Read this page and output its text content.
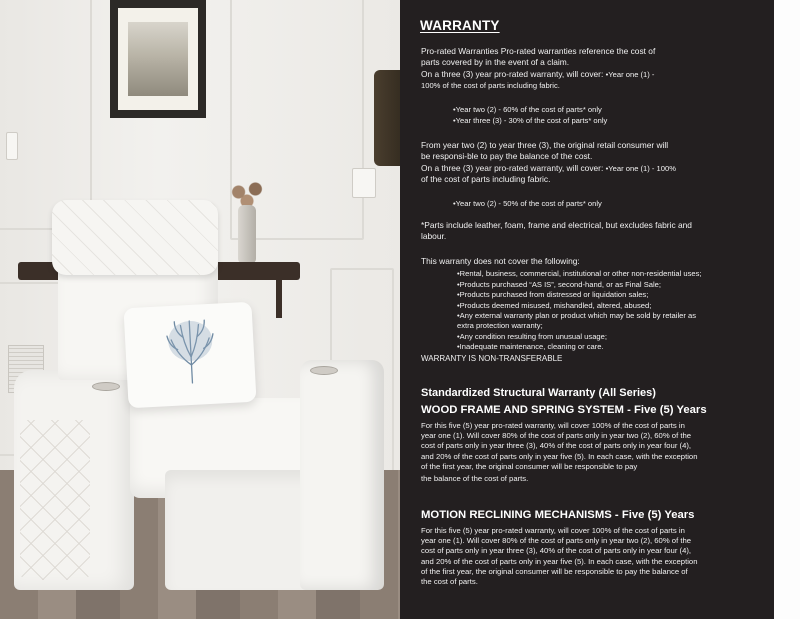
WARRANTY

Pro-rated Warranties Pro-rated warranties reference the cost of

parts covered by in the event of a claim.

On a three (3) year pro-rated warranty, will cover: •Year one (1) -

100% of the cost of parts including fabric.

•Year two (2) - 60% of the cost of parts* only

•Year three (3) - 30% of the cost of parts* only

From year two (2) to year three (3), the original retail consumer will

be responsi-ble to pay the balance of the cost.

On a three (3) year pro-rated warranty, will cover: •Year one (1) - 100%

of the cost of parts including fabric.

•Year two (2) - 50% of the cost of parts* only

*Parts include leather, foam, frame and electrical, but excludes fabric and

labour.

This warranty does not cover the following:

•Rental, business, commercial, institutional or other non-residential uses;
•Products purchased “AS IS”, second-hand, or as Final Sale;
•Products purchased from distressed or liquidation sales;
•Products deemed misused, mishandled, altered, abused;
•Any external warranty plan or product which may be sold by retailer as
extra protection warranty;
•Any condition resulting from unusual usage;
•Inadequate maintenance, cleaning or care.

WARRANTY IS NON-TRANSFERABLE

Standardized Structural Warranty (All Series)
WOOD FRAME AND SPRING SYSTEM - Five (5) Years

For this five (5) year pro-rated warranty, will cover 100% of the cost of parts in

year one (1). Will cover 80% of the cost of parts only in year two (2), 60% of the

cost of parts only in year three (3), 40% of the cost of parts only in year four (4),

and 20% of the cost of parts only in year five (5). In each case, with the exception

of the first year, the original consumer will be responsible to pay

the balance of the cost of parts.

MOTION RECLINING MECHANISMS - Five (5) Years

For this five (5) year pro-rated warranty, will cover 100% of the cost of parts in

year one (1). Will cover 80% of the cost of parts only in year two (2), 60% of the

cost of parts only in year three (3), 40% of the cost of parts only in year four (4),

and 20% of the cost of parts only in year five (5). In each case, with the exception

of the first year, the original consumer will be responsible to pay the balance of

the cost of parts.
